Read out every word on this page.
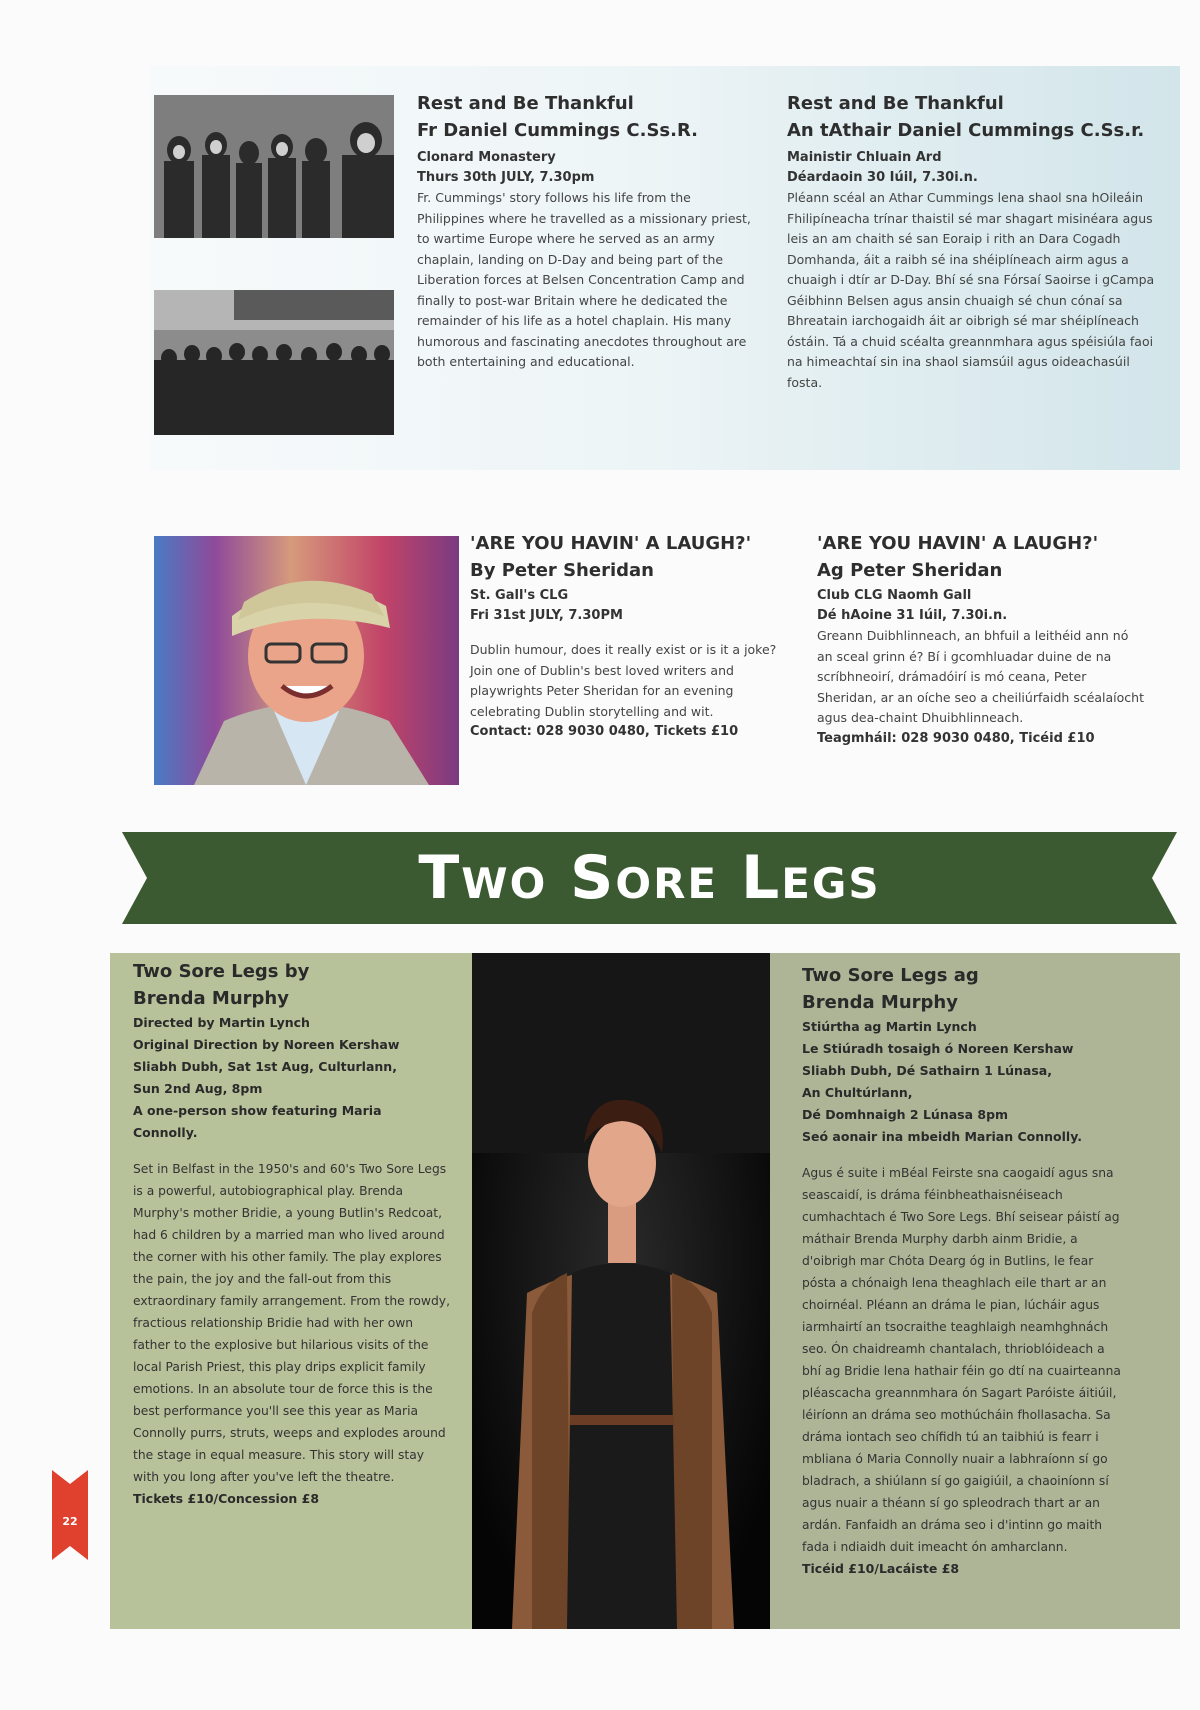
Rest and Be Thankful
Fr Daniel Cummings C.Ss.R.
Clonard Monastery
Thurs 30th JULY, 7.30pm
Fr. Cummings' story follows his life from the Philippines where he travelled as a missionary priest, to wartime Europe where he served as an army chaplain, landing on D-Day and being part of the Liberation forces at Belsen Concentration Camp and finally to post-war Britain where he dedicated the remainder of his life as a hotel chaplain. His many humorous and fascinating anecdotes throughout are both entertaining and educational.
Rest and Be Thankful
An tAthair Daniel Cummings C.Ss.r.
Mainistir Chluain Ard
Déardaoin 30 Iúil, 7.30i.n.
Pléann scéal an Athar Cummings lena shaol sna hOileáin Fhilipíneacha trínar thaistil sé mar shagart misinéara agus leis an am chaith sé san Eoraip i rith an Dara Cogadh Domhanda, áit a raibh sé ina shéiplíneach airm agus a chuaigh i dtír ar D-Day. Bhí sé sna Fórsaí Saoirse i gCampa Géibhinn Belsen agus ansin chuaigh sé chun cónaí sa Bhreatain iarchogaidh áit ar oibrigh sé mar shéiplíneach óstáin. Tá a chuid scéalta greannmhara agus spéisiúla faoi na himeachtaí sin ina shaol siamsúil agus oideachasúil fosta.
'ARE YOU HAVIN' A LAUGH?'
By Peter Sheridan
St. Gall's CLG
Fri 31st JULY, 7.30PM
Dublin humour, does it really exist or is it a joke? Join one of Dublin's best loved writers and playwrights Peter Sheridan for an evening celebrating Dublin storytelling and wit.
Contact: 028 9030 0480, Tickets £10
'ARE YOU HAVIN' A LAUGH?'
Ag Peter Sheridan
Club CLG Naomh Gall
Dé hAoine 31 Iúil, 7.30i.n.
Greann Duibhlinneach, an bhfuil a leithéid ann nó an sceal grinn é? Bí i gcomhluadar duine de na scríbhneoirí, drámadóirí is mó ceana, Peter Sheridan, ar an oíche seo a cheiliúrfaidh scéalaíocht agus dea-chaint Dhuibhlinneach.
Teagmháil: 028 9030 0480, Ticéid £10
Two Sore Legs
Two Sore Legs by
Brenda Murphy
Directed by Martin Lynch
Original Direction by Noreen Kershaw
Sliabh Dubh, Sat 1st Aug, Culturlann,
Sun 2nd Aug, 8pm
A one-person show featuring Maria
Connolly.
Set in Belfast in the 1950's and 60's Two Sore Legs is a powerful, autobiographical play. Brenda Murphy's mother Bridie, a young Butlin's Redcoat, had 6 children by a married man who lived around the corner with his other family. The play explores the pain, the joy and the fall-out from this extraordinary family arrangement. From the rowdy, fractious relationship Bridie had with her own father to the explosive but hilarious visits of the local Parish Priest, this play drips explicit family emotions. In an absolute tour de force this is the best performance you'll see this year as Maria Connolly purrs, struts, weeps and explodes around the stage in equal measure. This story will stay with you long after you've left the theatre.
Tickets £10/Concession £8
Two Sore Legs ag
Brenda Murphy
Stiúrtha ag Martin Lynch
Le Stiúradh tosaigh ó Noreen Kershaw
Sliabh Dubh, Dé Sathairn 1 Lúnasa,
An Chultúrlann,
Dé Domhnaigh 2 Lúnasa 8pm
Seó aonair ina mbeidh Marian Connolly.
Agus é suite i mBéal Feirste sna caogaidí agus sna seascaidí, is dráma féinbheathaisnéiseach cumhachtach é Two Sore Legs. Bhí seisear páistí ag máthair Brenda Murphy darbh ainm Bridie, a d'oibrigh mar Chóta Dearg óg in Butlins, le fear pósta a chónaigh lena theaghlach eile thart ar an choirnéal. Pléann an dráma le pian, lúcháir agus iarmhairtí an tsocraithe teaghlaigh neamhghnách seo. Ón chaidreamh chantalach, thrioblóideach a bhí ag Bridie lena hathair féin go dtí na cuairteanna pléascacha greannmhara ón Sagart Paróiste áitiúil, léiríonn an dráma seo mothúcháin fhollasacha. Sa dráma iontach seo chífidh tú an taibhiú is fearr i mbliana ó Maria Connolly nuair a labhraíonn sí go bladrach, a shiúlann sí go gaigiúil, a chaoiníonn sí agus nuair a théann sí go spleodrach thart ar an ardán. Fanfaidh an dráma seo i d'intinn go maith fada i ndiaidh duit imeacht ón amharclann.
Ticéid £10/Lacáiste £8
22
